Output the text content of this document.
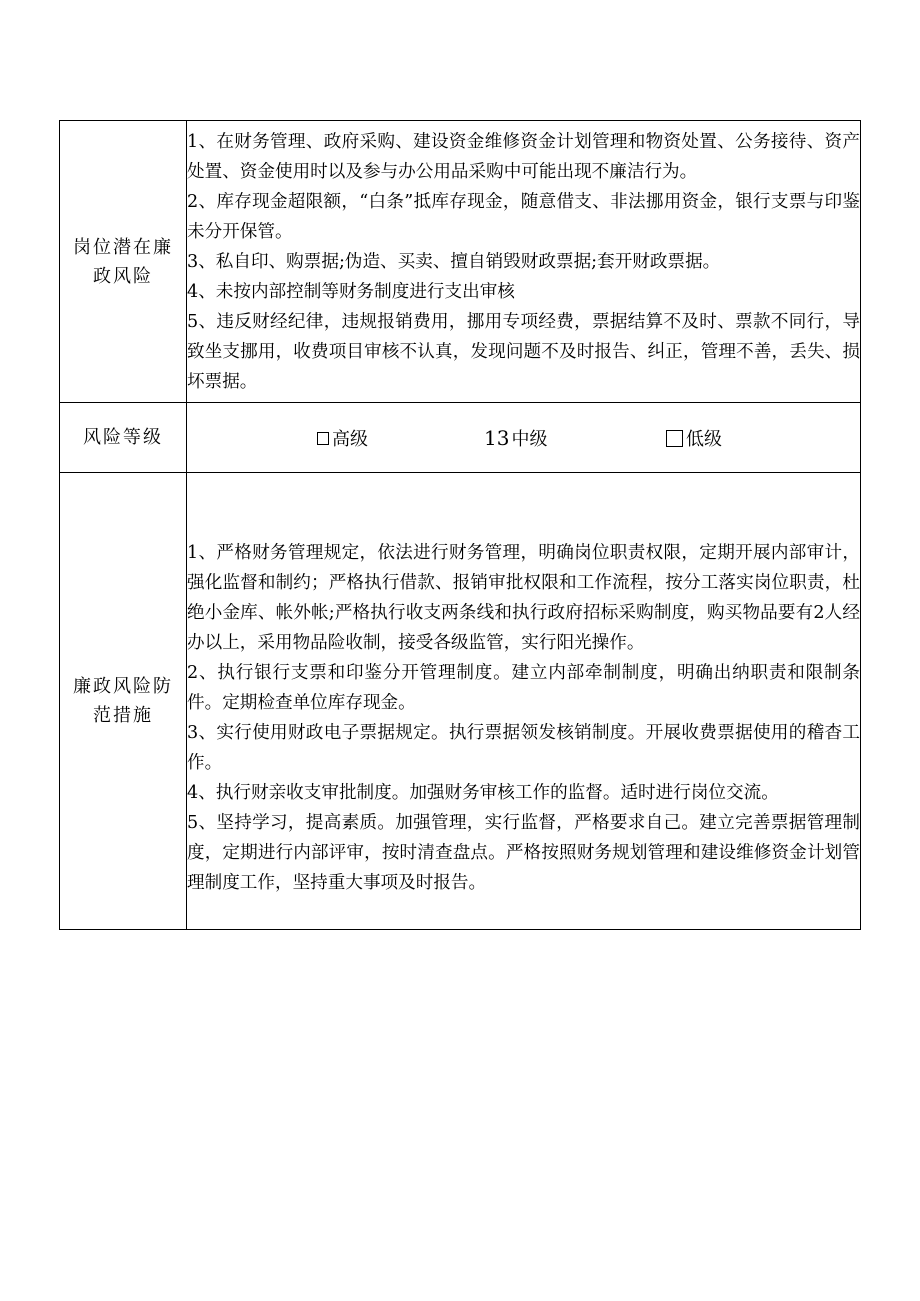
岗位潜在廉政风险	1、在财务管理、政府采购、建设资金维修资金计划管理和物资处置、公务接待、资产处置、资金使用时以及参与办公用品采购中可能出现不廉洁行为。

2、库存现金超限额，“白条”抵库存现金，随意借支、非法挪用资金，银行支票与印鉴未分开保管。

3、私自印、购票据;伪造、买卖、擅自销毁财政票据;套开财政票据。

4、未按内部控制等财务制度进行支出审核

5、违反财经纪律，违规报销费用，挪用专项经费，票据结算不及时、票款不同行，导致坐支挪用，收费项目审核不认真，发现问题不及时报告、纠正，管理不善，丢失、损坏票据。

风险等级	高级 13 中级 低级

廉政风险防范措施	1、严格财务管理规定，依法进行财务管理，明确岗位职责权限，定期开展内部审计，强化监督和制约；严格执行借款、报销审批权限和工作流程，按分工落实岗位职责，杜绝小金库、帐外帐;严格执行收支两条线和执行政府招标采购制度，购买物品要有2人经办以上，采用物品险收制，接受各级监管，实行阳光操作。

2、执行银行支票和印鉴分开管理制度。建立内部牵制制度，明确出纳职责和限制条件。定期检查单位库存现金。

3、实行使用财政电子票据规定。执行票据领发核销制度。开展收费票据使用的稽杳工作。

4、执行财亲收支审批制度。加强财务审核工作的监督。适时进行岗位交流。

5、坚持学习，提高素质。加强管理，实行监督，严格要求自己。建立完善票据管理制度，定期进行内部评审，按时清查盘点。严格按照财务规划管理和建设维修资金计划管理制度工作，坚持重大事项及时报告。
